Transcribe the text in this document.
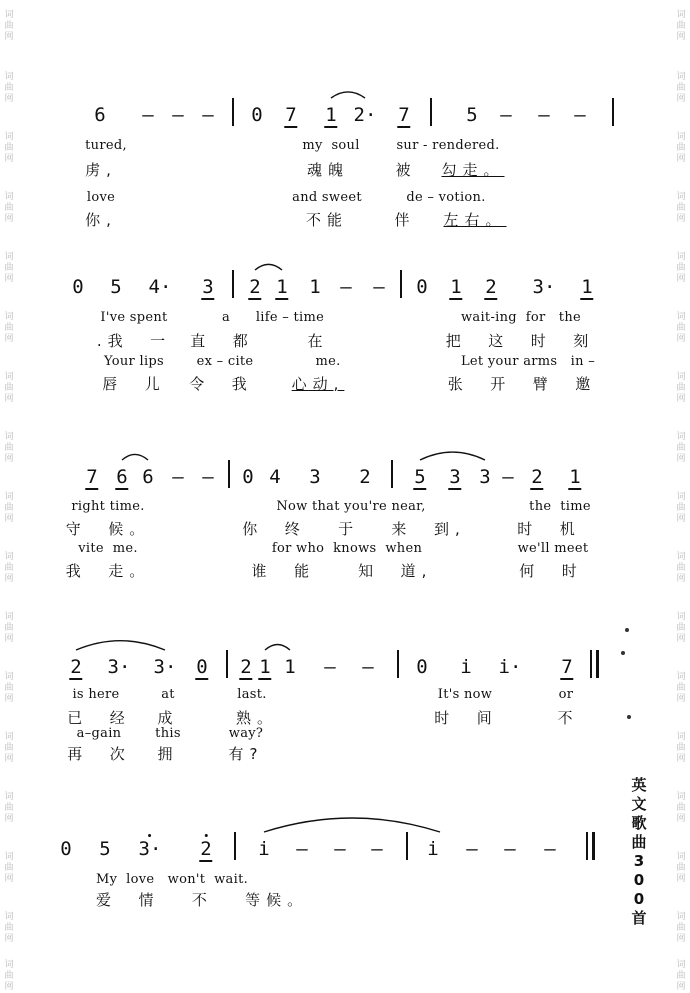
词
曲
网
词
曲
网
词
曲
网
词
曲
网
词
曲
网
词
曲
网
词
曲
网
词
曲
网
词
曲
网
词
曲
网
词
曲
网
词
曲
网
词
曲
网
词
曲
网
词
曲
网
词
曲
网
词
曲
网
词
曲
网
词
曲
网
词
曲
网
词
曲
网
词
曲
网
词
曲
网
词
曲
网
词
曲
网
词
曲
网
词
曲
网
词
曲
网
词
曲
网
词
曲
网
词
曲
网
词
曲
网
词
曲
网
词
曲
网
6 – – – 0 7 1 2· 7	5 – – –
tured,	my  soul	sur - rendered.
虏,	魂魄	被 勾走。
love	and sweet	de – votion.
你,	不能	伴 左右。
0 5 4· 3 2 1 1 – – 0 1 2 3· 1
I've spent	a life – time	wait-ing  for   the
.我  一 直  都	在	把  这  时  刻
Your lips	ex – cite	me.	Let your arms   in –
唇  儿 令  我	心动,	张  开  臂  邀
7 6 6 – – 0 4 3 2 5 3 3 – 2 1
right time.	Now that you're near,	the  time
守  候。	你  终   于   来  到,	时  机
vite  me.	for who  knows  when	we'll meet
我  走。	谁  能    知  道,	何  时
2 3· 3· 0 2 1 1 – – 0 i i· 7
is here	at	last.	It's now	or
已  经 成	熟。	时  间	不
a–gain	this	way?
再  次 拥	有?
0 5 3· 2 i – – – i – – –
My  love   won't  wait.
爱  情   不   等候。
英
文
歌
曲
3
0
0
首
